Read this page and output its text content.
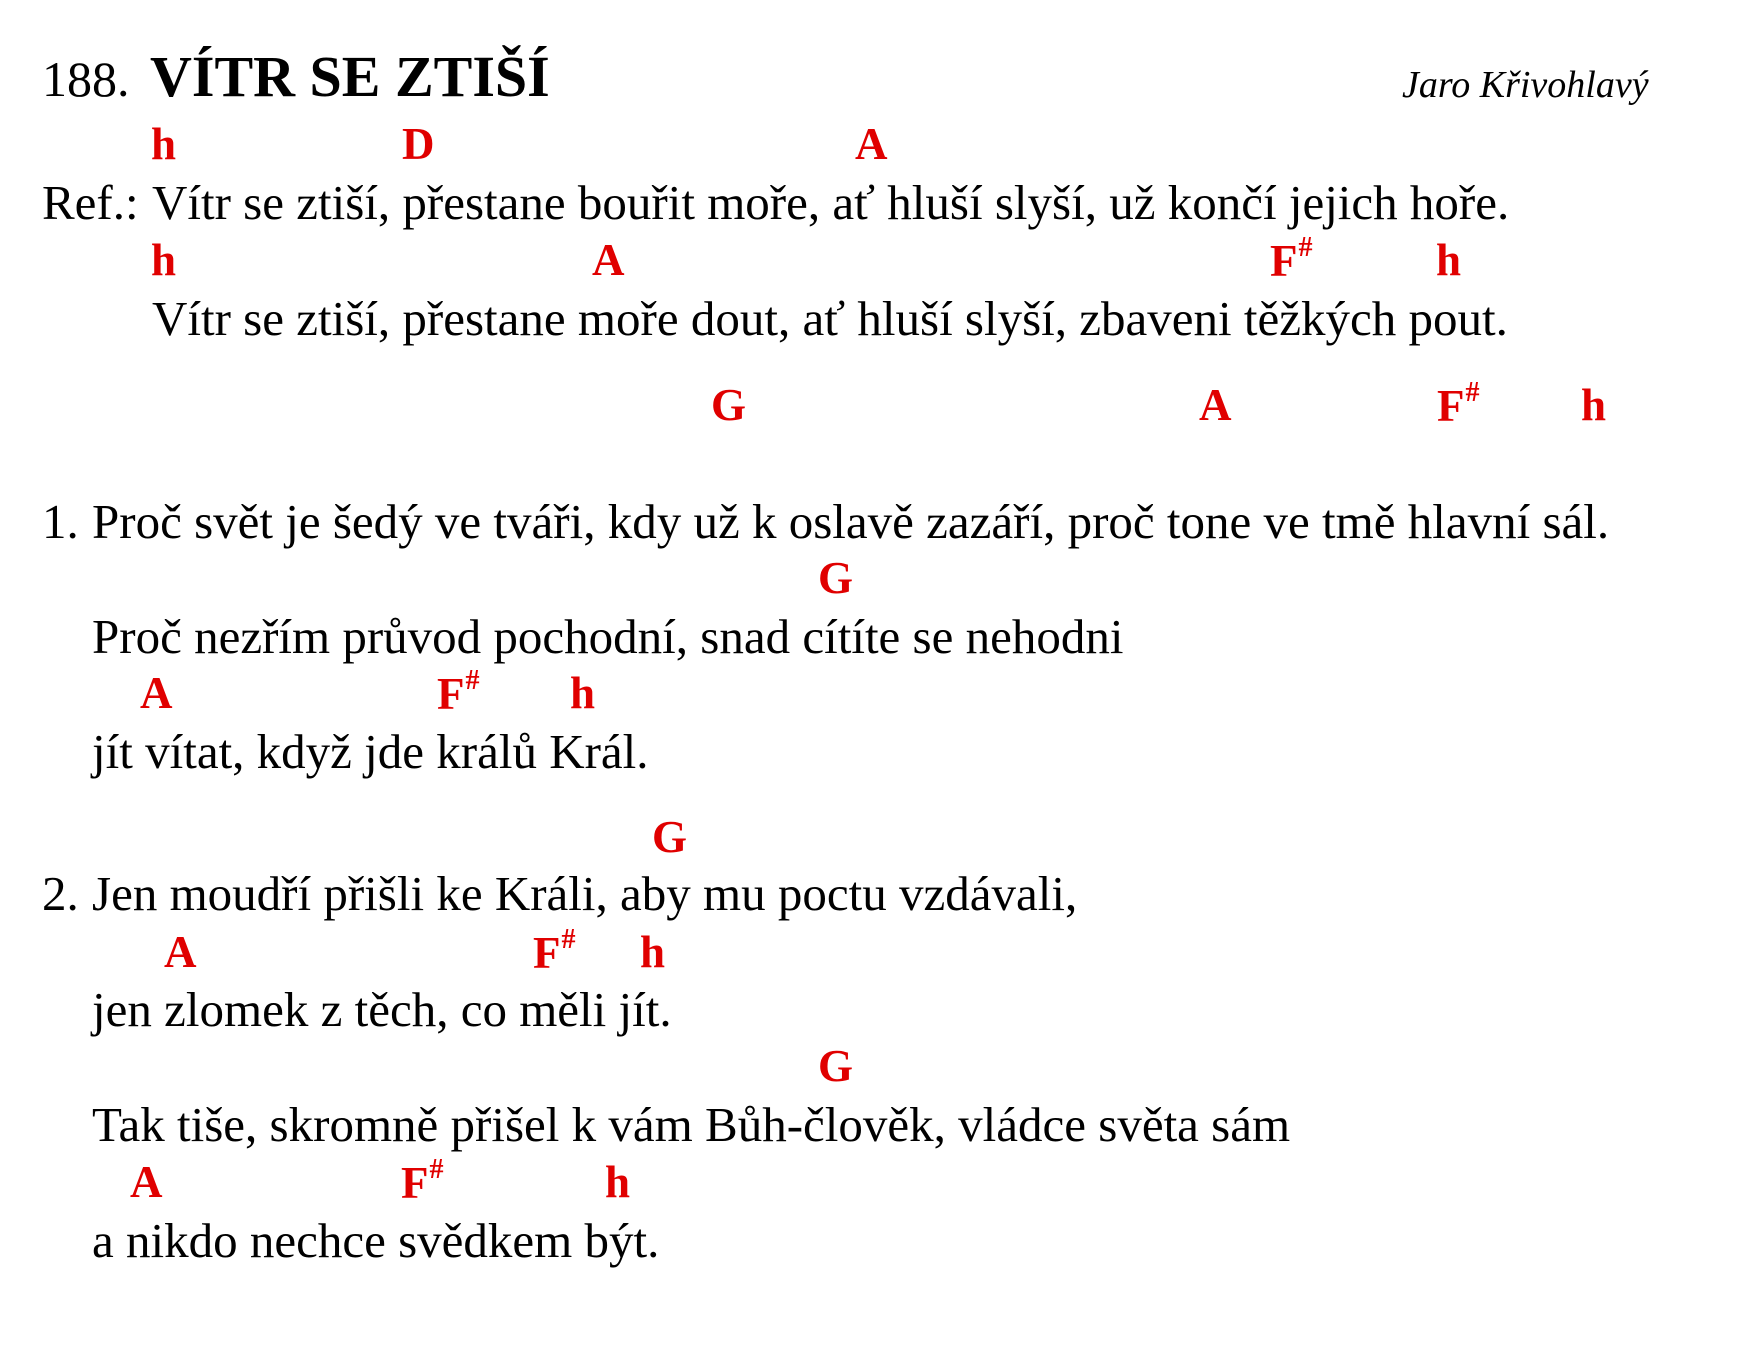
188. VÍTR SE ZTIŠÍ	Jaro Křivohlavý
h	D	A
Ref.: Vítr se ztiší, přestane bouřit moře, ať hluší slyší, už končí jejich hoře.
h	A	F#	h
Vítr se ztiší, přestane moře dout, ať hluší slyší, zbaveni těžkých pout.
G	A	F# h
1. Proč svět je šedý ve tváři, kdy už k oslavě zazáří, proč tone ve tmě hlavní sál.
G
Proč nezřím průvod pochodní, snad cítíte se nehodni
A	F# h
jít vítat, když jde králů Král.
G
2. Jen moudří přišli ke Králi, aby mu poctu vzdávali,
A	F# h
jen zlomek z těch, co měli jít.
G
Tak tiše, skromně přišel k vám Bůh-člověk, vládce světa sám
A	F#	h
a nikdo nechce svědkem být.
